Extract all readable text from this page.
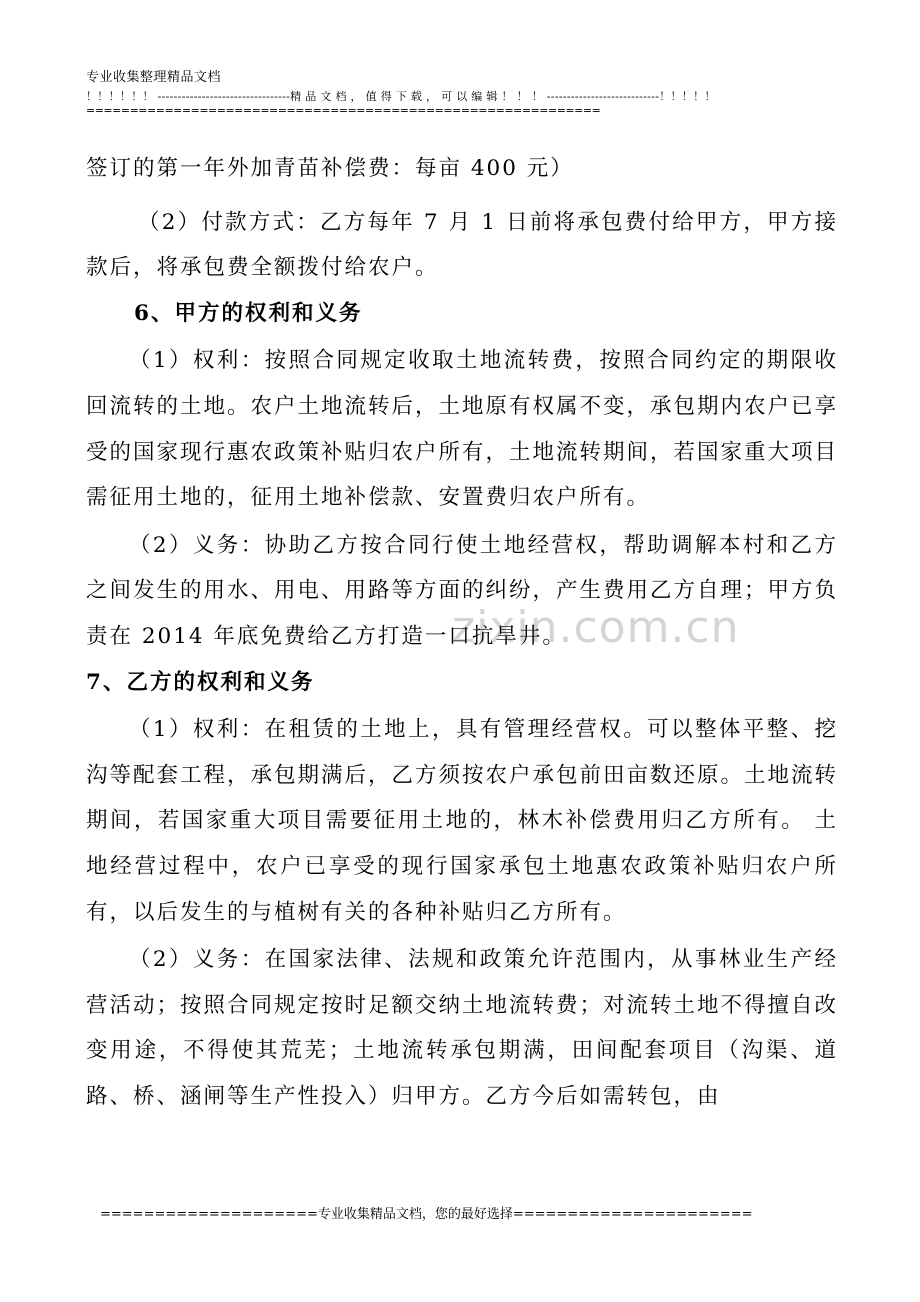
专业收集整理精品文档
！！！！！！ ---------------------------------精 品 文 档 ， 值 得 下 载 ， 可 以 编 辑 ！ ！ ！ ----------------------------！！！！！
===========================================================
zixin.com.cn

签订的第一年外加青苗补偿费：每亩 400 元）

（2）付款方式：乙方每年 7 月 1 日前将承包费付给甲方，甲方接款后，将承包费全额拨付给农户。

6、甲方的权利和义务

（1）权利：按照合同规定收取土地流转费，按照合同约定的期限收回流转的土地。农户土地流转后，土地原有权属不变，承包期内农户已享受的国家现行惠农政策补贴归农户所有，土地流转期间，若国家重大项目需征用土地的，征用土地补偿款、安置费归农户所有。

（2）义务：协助乙方按合同行使土地经营权，帮助调解本村和乙方之间发生的用水、用电、用路等方面的纠纷，产生费用乙方自理；甲方负责在 2014 年底免费给乙方打造一口抗旱井。

7、乙方的权利和义务

（1）权利：在租赁的土地上，具有管理经营权。可以整体平整、挖沟等配套工程，承包期满后，乙方须按农户承包前田亩数还原。土地流转期间，若国家重大项目需要征用土地的，林木补偿费用归乙方所有。 土地经营过程中，农户已享受的现行国家承包土地惠农政策补贴归农户所有，以后发生的与植树有关的各种补贴归乙方所有。

（2）义务：在国家法律、法规和政策允许范围内，从事林业生产经营活动；按照合同规定按时足额交纳土地流转费；对流转土地不得擅自改变用途，不得使其荒芜；土地流转承包期满，田间配套项目（沟渠、道路、桥、涵闸等生产性投入）归甲方。乙方今后如需转包，由

====================专业收集精品文档，您的最好选择======================
